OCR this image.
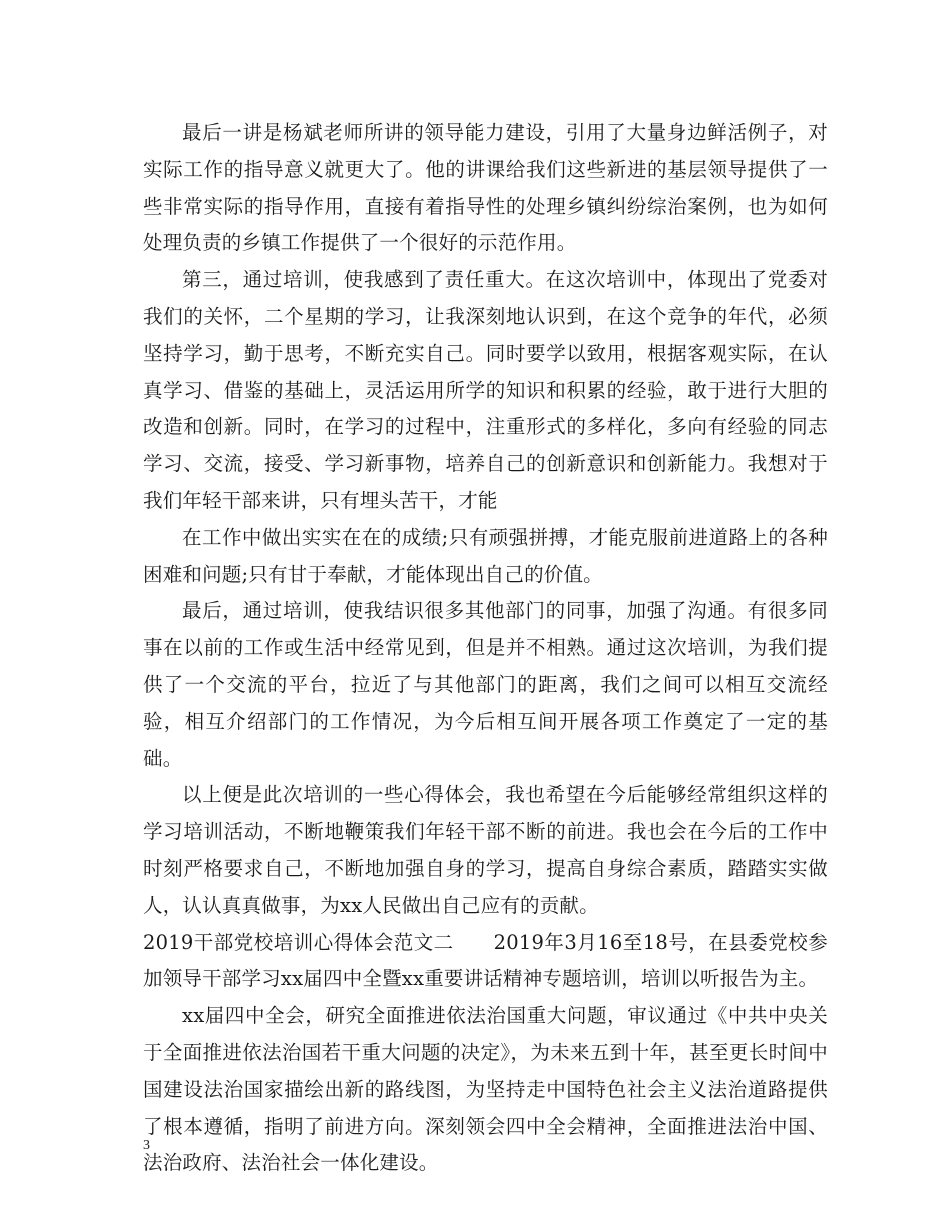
最后一讲是杨斌老师所讲的领导能力建设，引用了大量身边鲜活例子，对实际工作的指导意义就更大了。他的讲课给我们这些新进的基层领导提供了一些非常实际的指导作用，直接有着指导性的处理乡镇纠纷综治案例，也为如何处理负责的乡镇工作提供了一个很好的示范作用。

第三，通过培训，使我感到了责任重大。在这次培训中，体现出了党委对我们的关怀，二个星期的学习，让我深刻地认识到，在这个竞争的年代，必须坚持学习，勤于思考，不断充实自己。同时要学以致用，根据客观实际，在认真学习、借鉴的基础上，灵活运用所学的知识和积累的经验，敢于进行大胆的改造和创新。同时，在学习的过程中，注重形式的多样化，多向有经验的同志学习、交流，接受、学习新事物，培养自己的创新意识和创新能力。我想对于我们年轻干部来讲，只有埋头苦干，才能

在工作中做出实实在在的成绩;只有顽强拼搏，才能克服前进道路上的各种困难和问题;只有甘于奉献，才能体现出自己的价值。

最后，通过培训，使我结识很多其他部门的同事，加强了沟通。有很多同事在以前的工作或生活中经常见到，但是并不相熟。通过这次培训，为我们提供了一个交流的平台，拉近了与其他部门的距离，我们之间可以相互交流经验，相互介绍部门的工作情况，为今后相互间开展各项工作奠定了一定的基础。

以上便是此次培训的一些心得体会，我也希望在今后能够经常组织这样的学习培训活动，不断地鞭策我们年轻干部不断的前进。我也会在今后的工作中时刻严格要求自己，不断地加强自身的学习，提高自身综合素质，踏踏实实做人，认认真真做事，为xx人民做出自己应有的贡献。

2019干部党校培训心得体会范文二　　2019年3月16至18号，在县委党校参加领导干部学习xx届四中全暨xx重要讲话精神专题培训，培训以听报告为主。

xx届四中全会，研究全面推进依法治国重大问题，审议通过《中共中央关于全面推进依法治国若干重大问题的决定》，为未来五到十年，甚至更长时间中国建设法治国家描绘出新的路线图，为坚持走中国特色社会主义法治道路提供了根本遵循，指明了前进方向。深刻领会四中全会精神，全面推进法治中国、法治政府、法治社会一体化建设。

3
